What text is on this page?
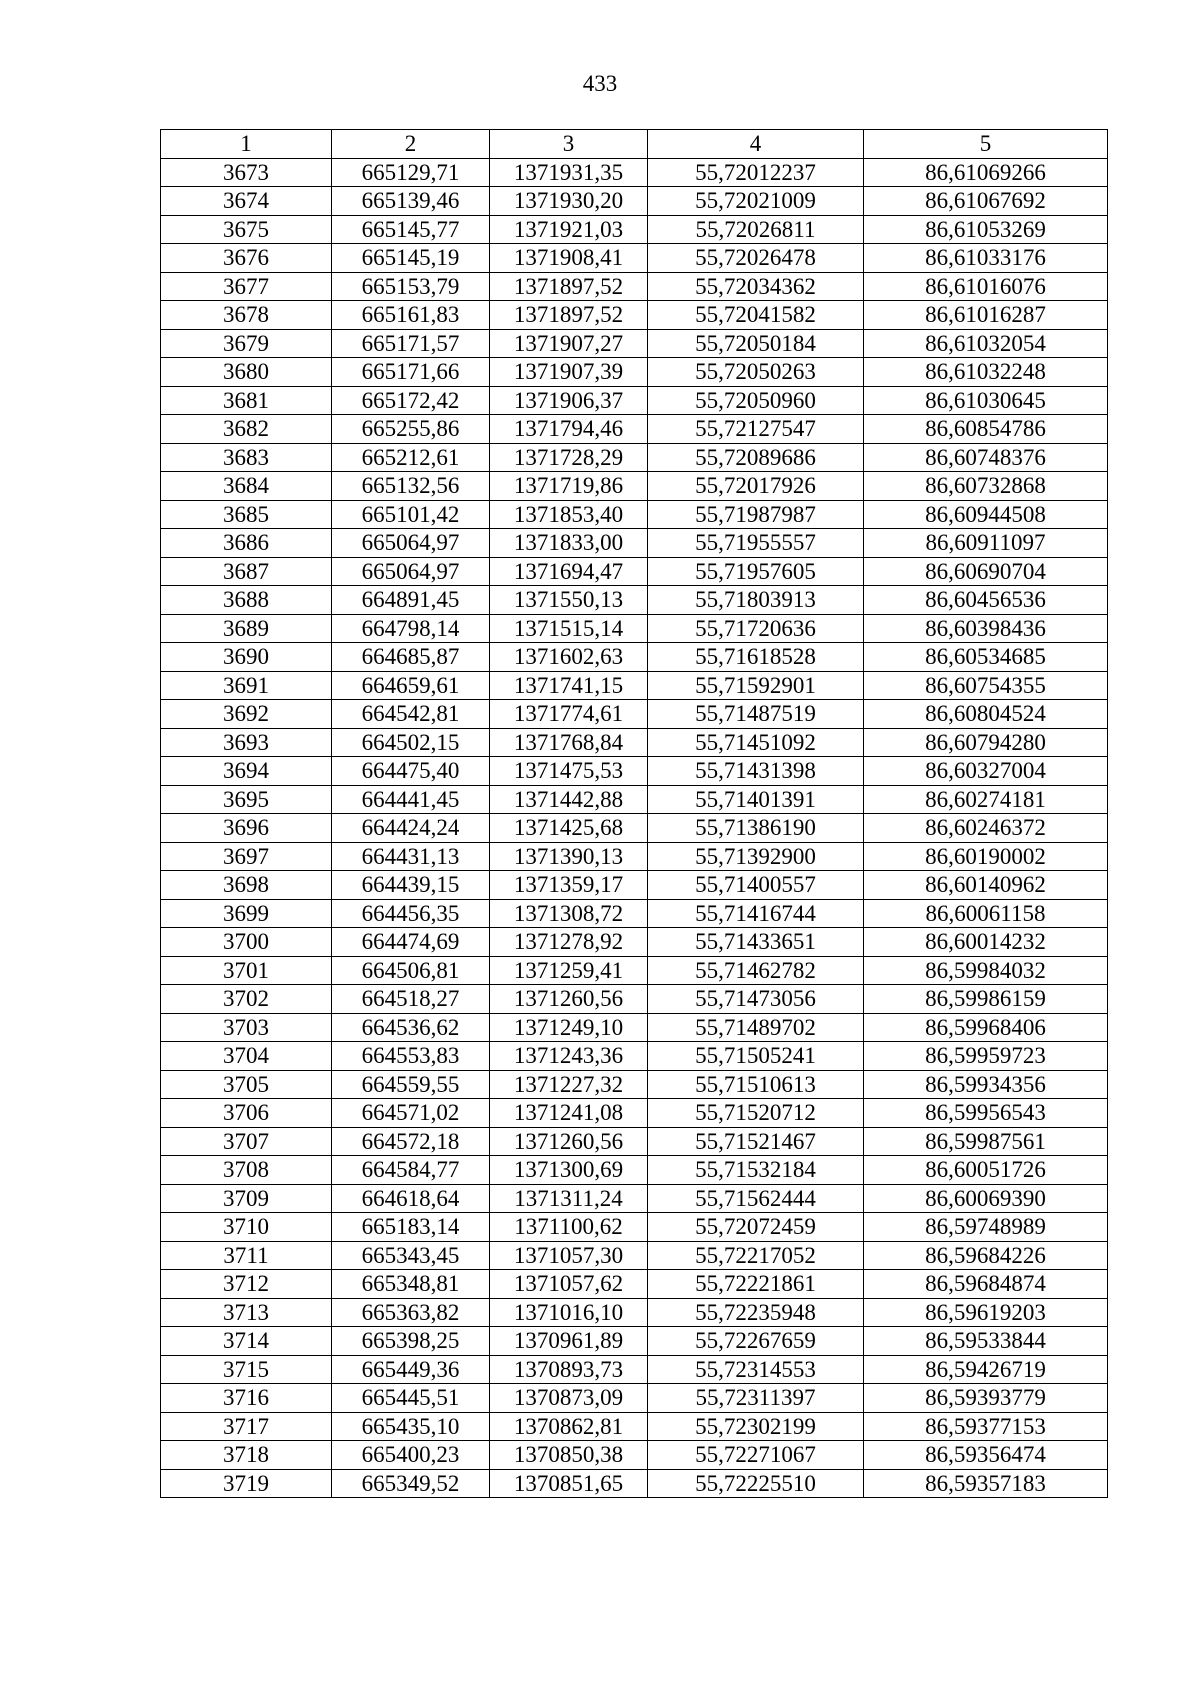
433
1	2	3	4	5
3673	665129,71	1371931,35	55,72012237	86,61069266
3674	665139,46	1371930,20	55,72021009	86,61067692
3675	665145,77	1371921,03	55,72026811	86,61053269
3676	665145,19	1371908,41	55,72026478	86,61033176
3677	665153,79	1371897,52	55,72034362	86,61016076
3678	665161,83	1371897,52	55,72041582	86,61016287
3679	665171,57	1371907,27	55,72050184	86,61032054
3680	665171,66	1371907,39	55,72050263	86,61032248
3681	665172,42	1371906,37	55,72050960	86,61030645
3682	665255,86	1371794,46	55,72127547	86,60854786
3683	665212,61	1371728,29	55,72089686	86,60748376
3684	665132,56	1371719,86	55,72017926	86,60732868
3685	665101,42	1371853,40	55,71987987	86,60944508
3686	665064,97	1371833,00	55,71955557	86,60911097
3687	665064,97	1371694,47	55,71957605	86,60690704
3688	664891,45	1371550,13	55,71803913	86,60456536
3689	664798,14	1371515,14	55,71720636	86,60398436
3690	664685,87	1371602,63	55,71618528	86,60534685
3691	664659,61	1371741,15	55,71592901	86,60754355
3692	664542,81	1371774,61	55,71487519	86,60804524
3693	664502,15	1371768,84	55,71451092	86,60794280
3694	664475,40	1371475,53	55,71431398	86,60327004
3695	664441,45	1371442,88	55,71401391	86,60274181
3696	664424,24	1371425,68	55,71386190	86,60246372
3697	664431,13	1371390,13	55,71392900	86,60190002
3698	664439,15	1371359,17	55,71400557	86,60140962
3699	664456,35	1371308,72	55,71416744	86,60061158
3700	664474,69	1371278,92	55,71433651	86,60014232
3701	664506,81	1371259,41	55,71462782	86,59984032
3702	664518,27	1371260,56	55,71473056	86,59986159
3703	664536,62	1371249,10	55,71489702	86,59968406
3704	664553,83	1371243,36	55,71505241	86,59959723
3705	664559,55	1371227,32	55,71510613	86,59934356
3706	664571,02	1371241,08	55,71520712	86,59956543
3707	664572,18	1371260,56	55,71521467	86,59987561
3708	664584,77	1371300,69	55,71532184	86,60051726
3709	664618,64	1371311,24	55,71562444	86,60069390
3710	665183,14	1371100,62	55,72072459	86,59748989
3711	665343,45	1371057,30	55,72217052	86,59684226
3712	665348,81	1371057,62	55,72221861	86,59684874
3713	665363,82	1371016,10	55,72235948	86,59619203
3714	665398,25	1370961,89	55,72267659	86,59533844
3715	665449,36	1370893,73	55,72314553	86,59426719
3716	665445,51	1370873,09	55,72311397	86,59393779
3717	665435,10	1370862,81	55,72302199	86,59377153
3718	665400,23	1370850,38	55,72271067	86,59356474
3719	665349,52	1370851,65	55,72225510	86,59357183
